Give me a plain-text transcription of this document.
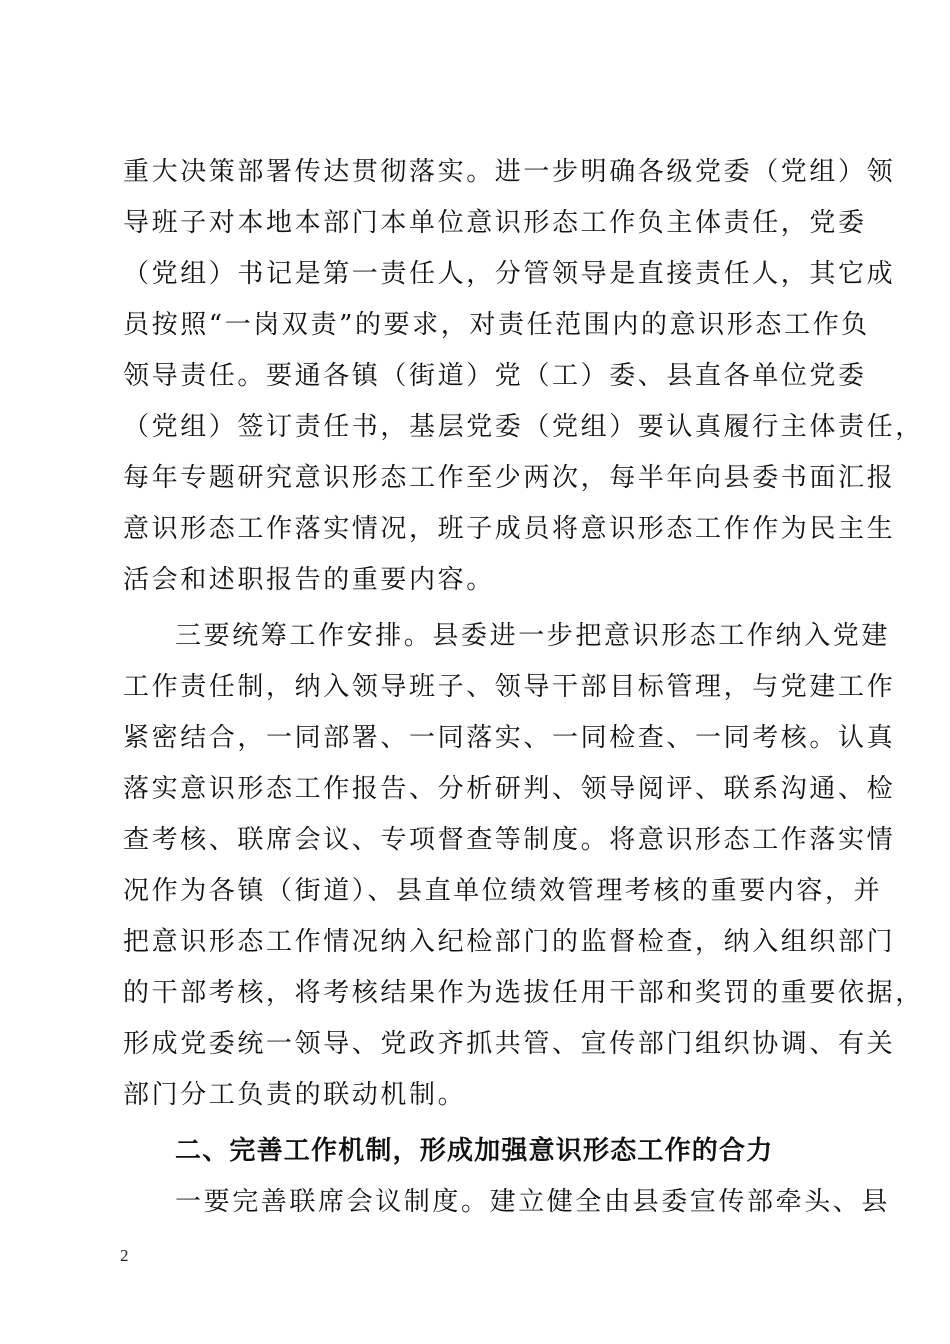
重大决策部署传达贯彻落实。进一步明确各级党委（党组）领
导班子对本地本部门本单位意识形态工作负主体责任，党委
（党组）书记是第一责任人，分管领导是直接责任人，其它成
员按照“一岗双责”的要求，对责任范围内的意识形态工作负
领导责任。要通各镇（街道）党（工）委、县直各单位党委
（党组）签订责任书，基层党委（党组）要认真履行主体责任，
每年专题研究意识形态工作至少两次，每半年向县委书面汇报
意识形态工作落实情况，班子成员将意识形态工作作为民主生
活会和述职报告的重要内容。
三要统筹工作安排。县委进一步把意识形态工作纳入党建
工作责任制，纳入领导班子、领导干部目标管理，与党建工作
紧密结合，一同部署、一同落实、一同检查、一同考核。认真
落实意识形态工作报告、分析研判、领导阅评、联系沟通、检
查考核、联席会议、专项督查等制度。将意识形态工作落实情
况作为各镇（街道）、县直单位绩效管理考核的重要内容，并
把意识形态工作情况纳入纪检部门的监督检查，纳入组织部门
的干部考核，将考核结果作为选拔任用干部和奖罚的重要依据，
形成党委统一领导、党政齐抓共管、宣传部门组织协调、有关
部门分工负责的联动机制。
二、完善工作机制，形成加强意识形态工作的合力
一要完善联席会议制度。建立健全由县委宣传部牵头、县
2
